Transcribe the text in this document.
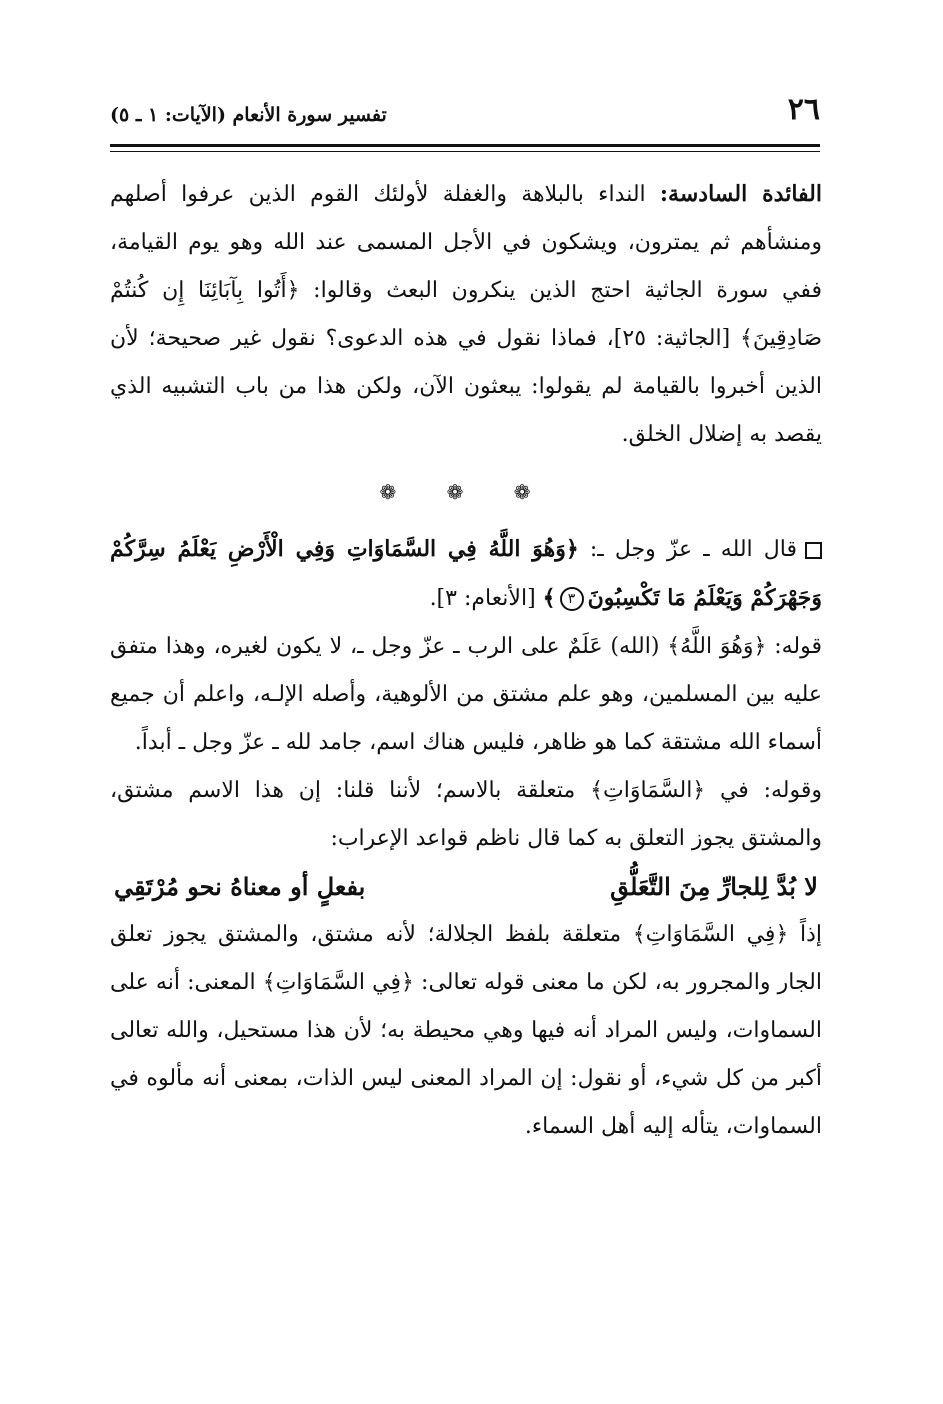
٢٦
تفسير سورة الأنعام (الآيات: ١ ـ ٥)

الفائدة السادسة: النداء بالبلاهة والغفلة لأولئك القوم الذين عرفوا أصلهم ومنشأهم ثم يمترون، ويشكون في الأجل المسمى عند الله وهو يوم القيامة، ففي سورة الجاثية احتج الذين ينكرون البعث وقالوا: ﴿أَتُوا بِآبَائِنَا إِن كُنتُمْ صَادِقِينَ﴾ [الجاثية: ٢٥]، فماذا نقول في هذه الدعوى؟ نقول غير صحيحة؛ لأن الذين أخبروا بالقيامة لم يقولوا: يبعثون الآن، ولكن هذا من باب التشبيه الذي يقصد به إضلال الخلق.

❁ ❁ ❁

قال الله ـ عزّ وجل ـ: ﴿وَهُوَ اللَّهُ فِي السَّمَاوَاتِ وَفِي الْأَرْضِ يَعْلَمُ سِرَّكُمْ وَجَهْرَكُمْ وَيَعْلَمُ مَا تَكْسِبُونَ٣﴾ [الأنعام: ٣].

قوله: ﴿وَهُوَ اللَّهُ﴾ (الله) عَلَمٌ على الرب ـ عزّ وجل ـ، لا يكون لغيره، وهذا متفق عليه بين المسلمين، وهو علم مشتق من الألوهية، وأصله الإلـه، واعلم أن جميع أسماء الله مشتقة كما هو ظاهر، فليس هناك اسم، جامد لله ـ عزّ وجل ـ أبداً.

وقوله: في ﴿السَّمَاوَاتِ﴾ متعلقة بالاسم؛ لأننا قلنا: إن هذا الاسم مشتق، والمشتق يجوز التعلق به كما قال ناظم قواعد الإعراب:

لا بُدَّ لِلجارِّ مِنَ التَّعَلُّقِ
بفعلٍ أو معناهُ نحو مُرْتَقِي

إذاً ﴿فِي السَّمَاوَاتِ﴾ متعلقة بلفظ الجلالة؛ لأنه مشتق، والمشتق يجوز تعلق الجار والمجرور به، لكن ما معنى قوله تعالى: ﴿فِي السَّمَاوَاتِ﴾ المعنى: أنه على السماوات، وليس المراد أنه فيها وهي محيطة به؛ لأن هذا مستحيل، والله تعالى أكبر من كل شيء، أو نقول: إن المراد المعنى ليس الذات، بمعنى أنه مألوه في السماوات، يتأله إليه أهل السماء.
